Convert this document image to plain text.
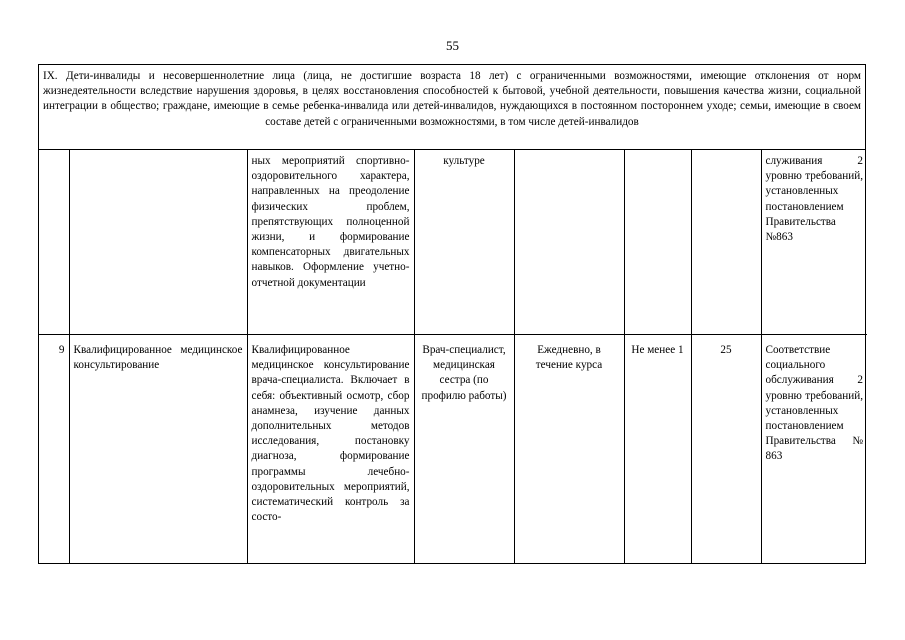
55
IX. Дети-инвалиды и несовершеннолетние лица (лица, не достигшие возраста 18 лет) с ограниченными возможностями, имеющие отклонения от норм жизнедеятельности вследствие нарушения здоровья, в целях восстановления способностей к бытовой, учебной деятельности, повышения качества жизни, социальной интеграции в общество; граждане, имеющие в семье ребенка-инвалида или детей-инвалидов, нуждающихся в постоянном постороннем уходе; семьи, имеющие в своем составе детей с ограниченными возможностями, в том числе детей-инвалидов
		ных мероприятий спортивно-оздоровительного характера, направленных на преодоление физических проблем, препятствующих полноценной жизни, и формирование компенсаторных двигательных навыков. Оформление учетно-отчетной документации	культуре				служивания 2 уровню требований, установленных постановлением Правительства №863
9	Квалифицированное медицинское консультирование	Квалифицированное медицинское консультирование врача-специалиста. Включает в себя: объективный осмотр, сбор анамнеза, изучение данных дополнительных методов исследования, постановку диагноза, формирование программы лечебно-оздоровительных мероприятий, систематический контроль за состо-	Врач-специалист, медицинская сестра (по профилю работы)	Ежедневно, в течение курса	Не менее 1	25	Соответствие социального обслуживания 2 уровню требований, установленных постановлением Правительства № 863
